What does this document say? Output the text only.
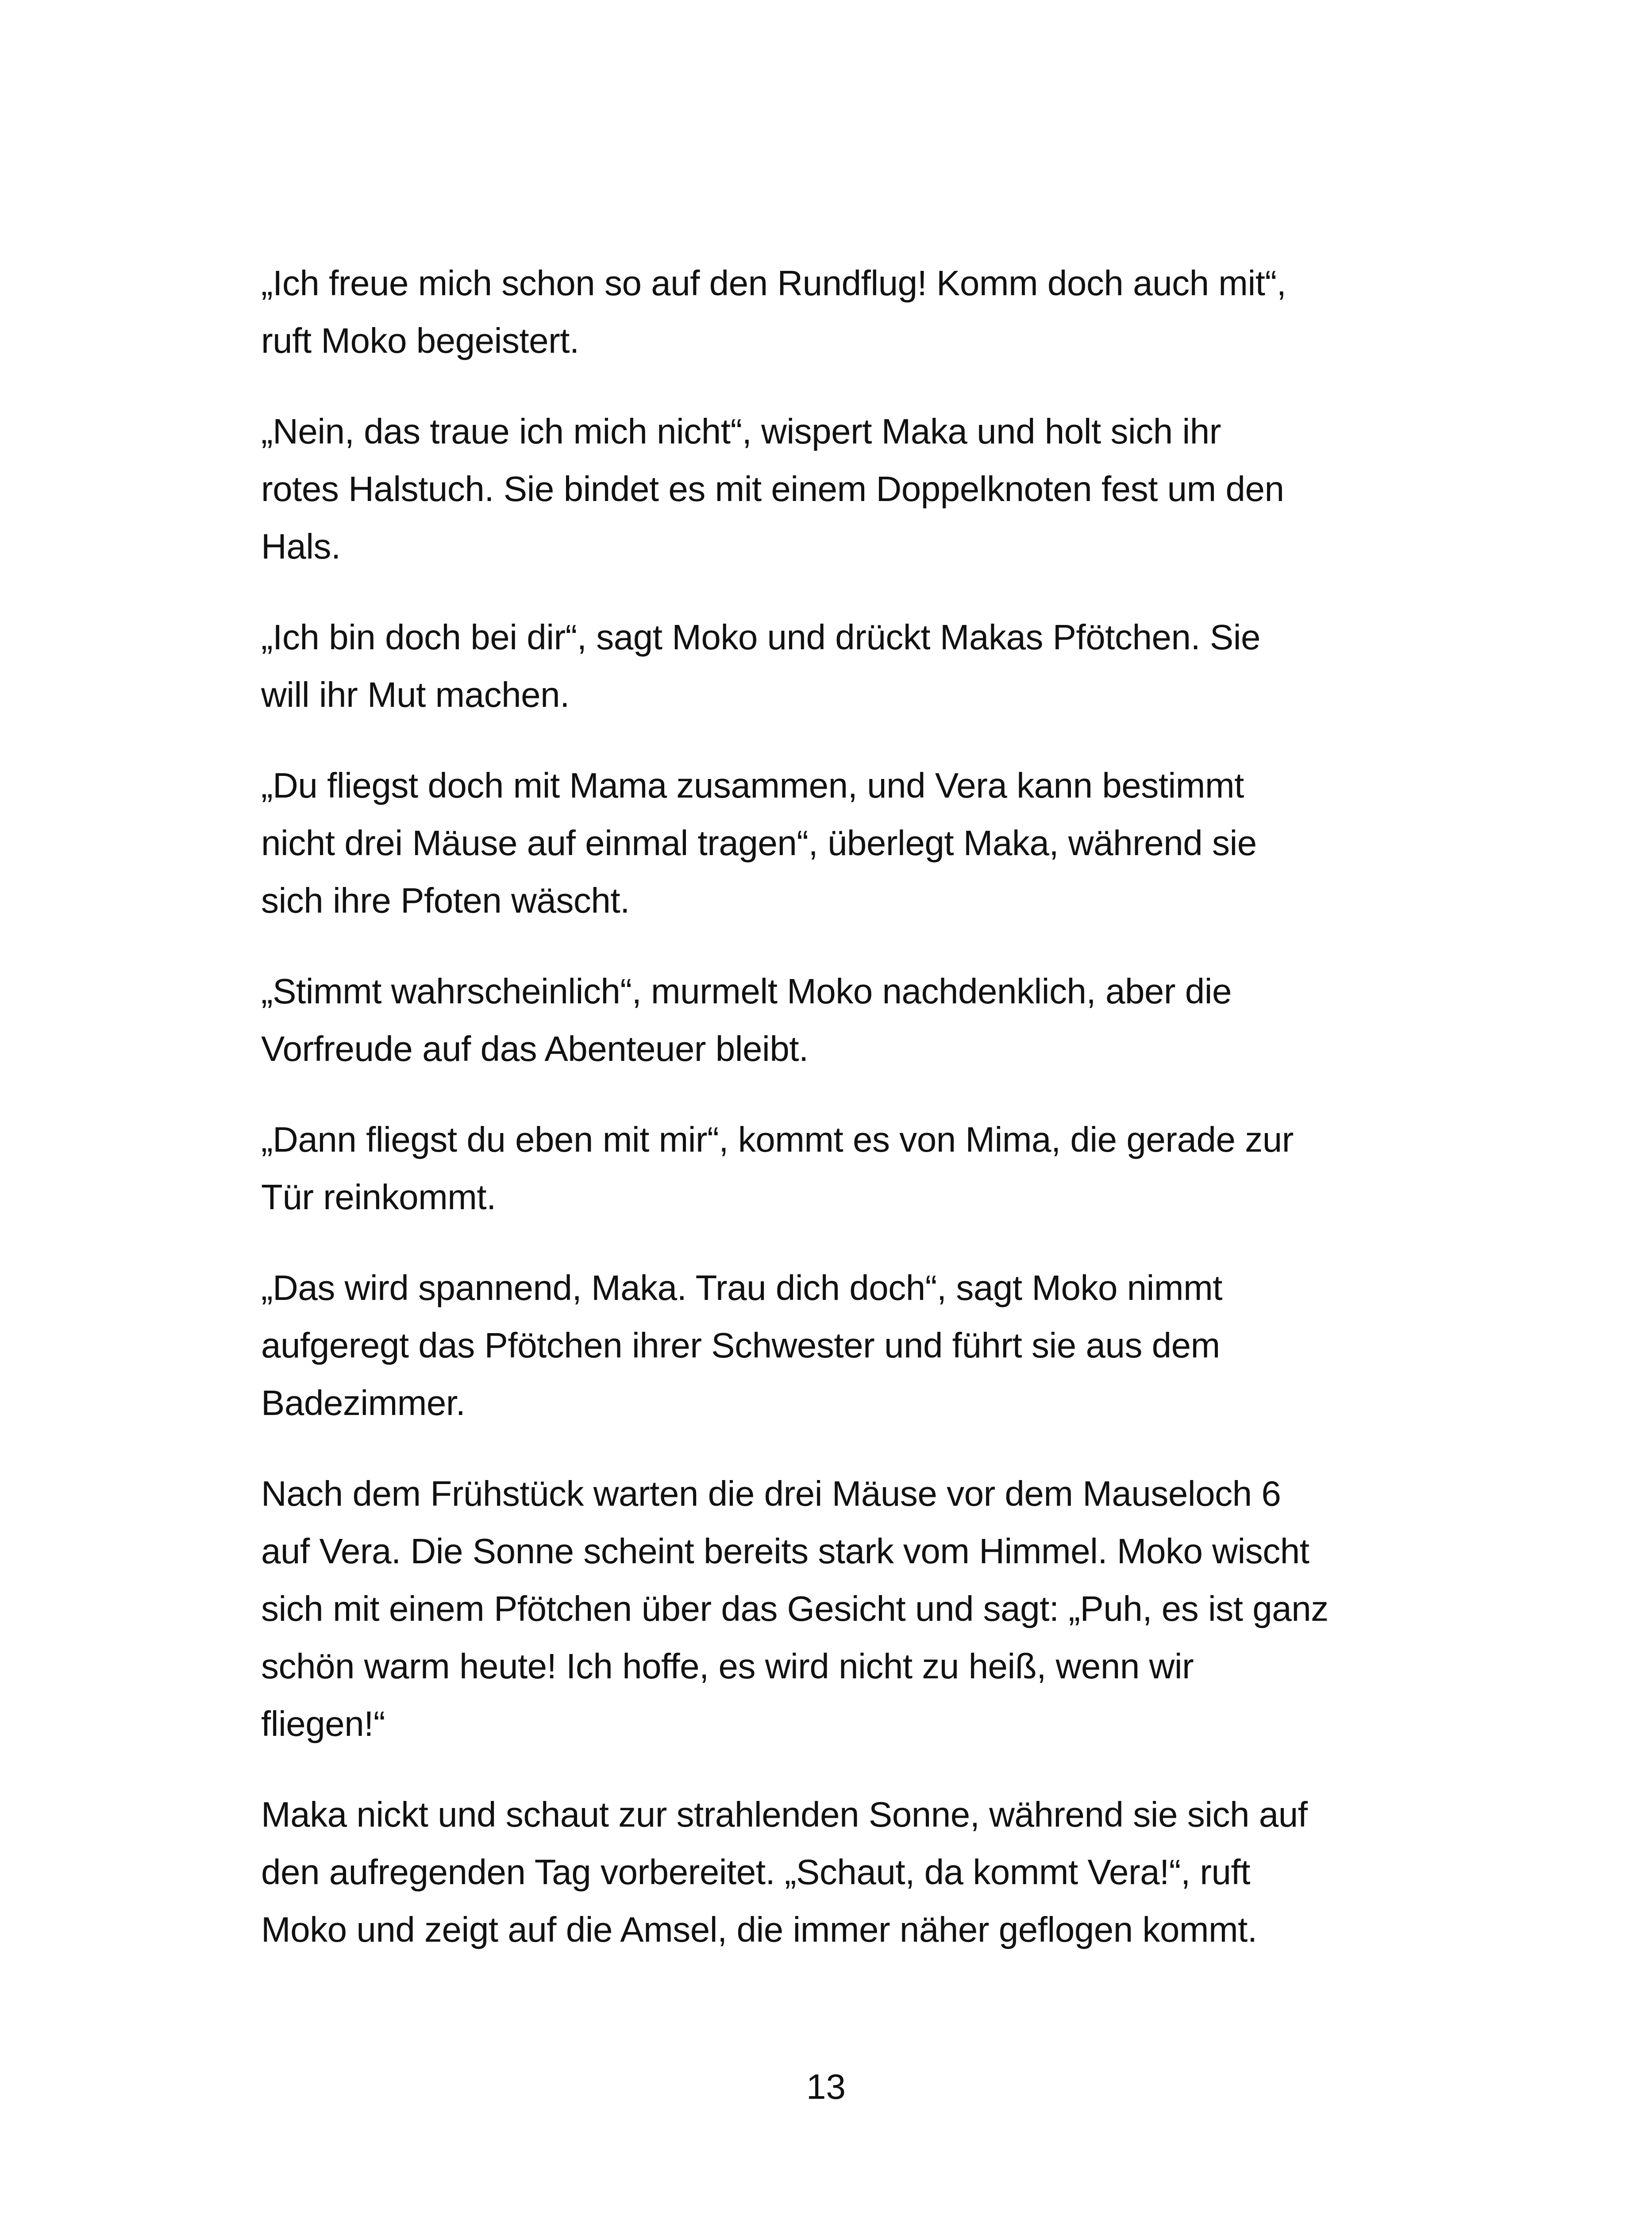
„Ich freue mich schon so auf den Rundflug! Komm doch auch mit“,
ruft Moko begeistert.

„Nein, das traue ich mich nicht“, wispert Maka und holt sich ihr
rotes Halstuch. Sie bindet es mit einem Doppelknoten fest um den
Hals.

„Ich bin doch bei dir“, sagt Moko und drückt Makas Pfötchen. Sie
will ihr Mut machen.

„Du fliegst doch mit Mama zusammen, und Vera kann bestimmt
nicht drei Mäuse auf einmal tragen“, überlegt Maka, während sie
sich ihre Pfoten wäscht.

„Stimmt wahrscheinlich“, murmelt Moko nachdenklich, aber die
Vorfreude auf das Abenteuer bleibt.

„Dann fliegst du eben mit mir“, kommt es von Mima, die gerade zur
Tür reinkommt.

„Das wird spannend, Maka. Trau dich doch“, sagt Moko nimmt
aufgeregt das Pfötchen ihrer Schwester und führt sie aus dem
Badezimmer.

Nach dem Frühstück warten die drei Mäuse vor dem Mauseloch 6
auf Vera. Die Sonne scheint bereits stark vom Himmel. Moko wischt
sich mit einem Pfötchen über das Gesicht und sagt: „Puh, es ist ganz
schön warm heute! Ich hoffe, es wird nicht zu heiß, wenn wir
fliegen!“

Maka nickt und schaut zur strahlenden Sonne, während sie sich auf
den aufregenden Tag vorbereitet. „Schaut, da kommt Vera!“, ruft
Moko und zeigt auf die Amsel, die immer näher geflogen kommt.

13
